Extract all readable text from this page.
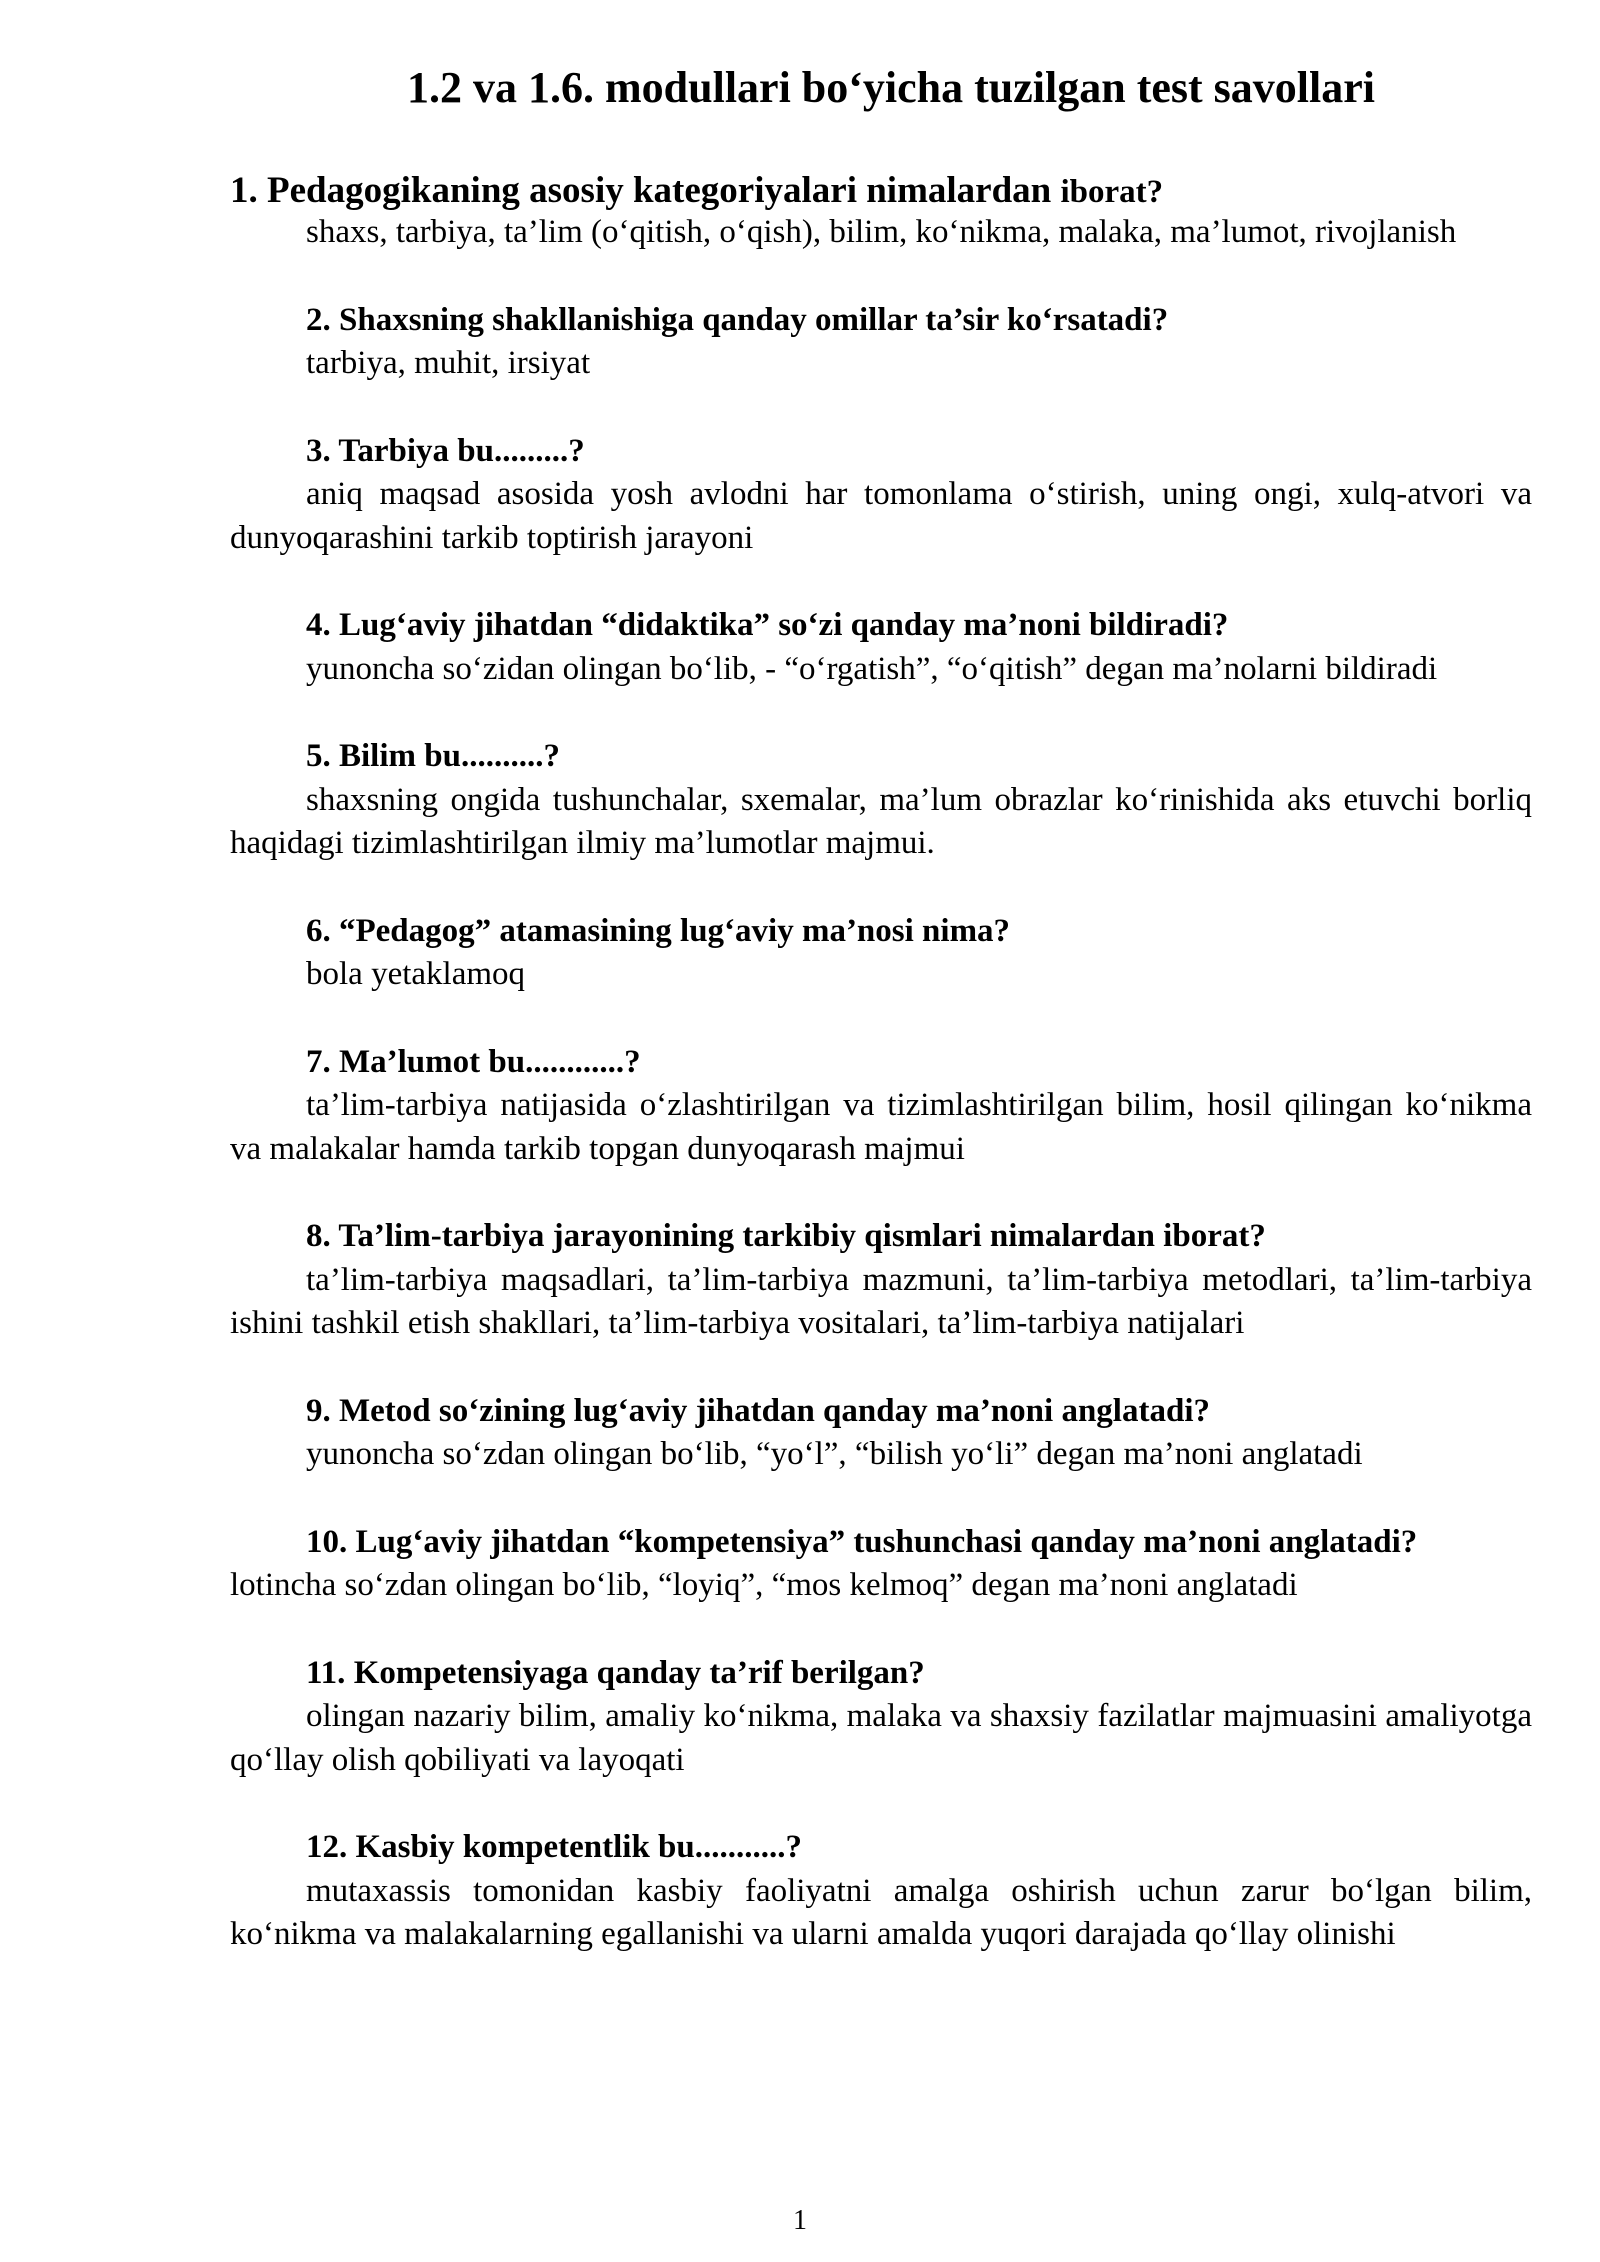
1.2 va 1.6. modullari bo‘yicha tuzilgan test savollari

1. Pedagogikaning asosiy kategoriyalari nimalardan iborat?

shaxs, tarbiya, ta’lim (o‘qitish, o‘qish), bilim, ko‘nikma, malaka, ma’lumot, rivojlanish

2. Shaxsning shakllanishiga qanday omillar ta’sir ko‘rsatadi?

tarbiya, muhit, irsiyat

3. Tarbiya bu.........?

aniq maqsad asosida yosh avlodni har tomonlama o‘stirish, uning ongi, xulq-atvori va dunyoqarashini tarkib toptirish jarayoni

4. Lug‘aviy jihatdan “didaktika” so‘zi qanday ma’noni bildiradi?

yunoncha so‘zidan olingan bo‘lib, - “o‘rgatish”, “o‘qitish” degan ma’nolarni bildiradi

5. Bilim bu..........?

shaxsning ongida tushunchalar, sxemalar, ma’lum obrazlar ko‘rinishida aks etuvchi borliq haqidagi tizimlashtirilgan ilmiy ma’lumotlar majmui.

6. “Pedagog” atamasining lug‘aviy ma’nosi nima?

bola yetaklamoq

7. Ma’lumot bu............?

ta’lim-tarbiya natijasida o‘zlashtirilgan va tizimlashtirilgan bilim, hosil qilingan ko‘nikma va malakalar hamda tarkib topgan dunyoqarash majmui

8. Ta’lim-tarbiya jarayonining tarkibiy qismlari nimalardan iborat?

ta’lim-tarbiya maqsadlari, ta’lim-tarbiya mazmuni, ta’lim-tarbiya metodlari, ta’lim-tarbiya ishini tashkil etish shakllari, ta’lim-tarbiya vositalari, ta’lim-tarbiya natijalari

9. Metod so‘zining lug‘aviy jihatdan qanday ma’noni anglatadi?

yunoncha so‘zdan olingan bo‘lib, “yo‘l”, “bilish yo‘li” degan ma’noni anglatadi

10. Lug‘aviy jihatdan “kompetensiya” tushunchasi qanday ma’noni anglatadi?

lotincha so‘zdan olingan bo‘lib, “loyiq”, “mos kelmoq” degan ma’noni anglatadi

11. Kompetensiyaga qanday ta’rif berilgan?

olingan nazariy bilim, amaliy ko‘nikma, malaka va shaxsiy fazilatlar majmuasini amaliyotga qo‘llay olish qobiliyati va layoqati

12. Kasbiy kompetentlik bu...........?

mutaxassis tomonidan kasbiy faoliyatni amalga oshirish uchun zarur bo‘lgan bilim, ko‘nikma va malakalarning egallanishi va ularni amalda yuqori darajada qo‘llay olinishi

1
